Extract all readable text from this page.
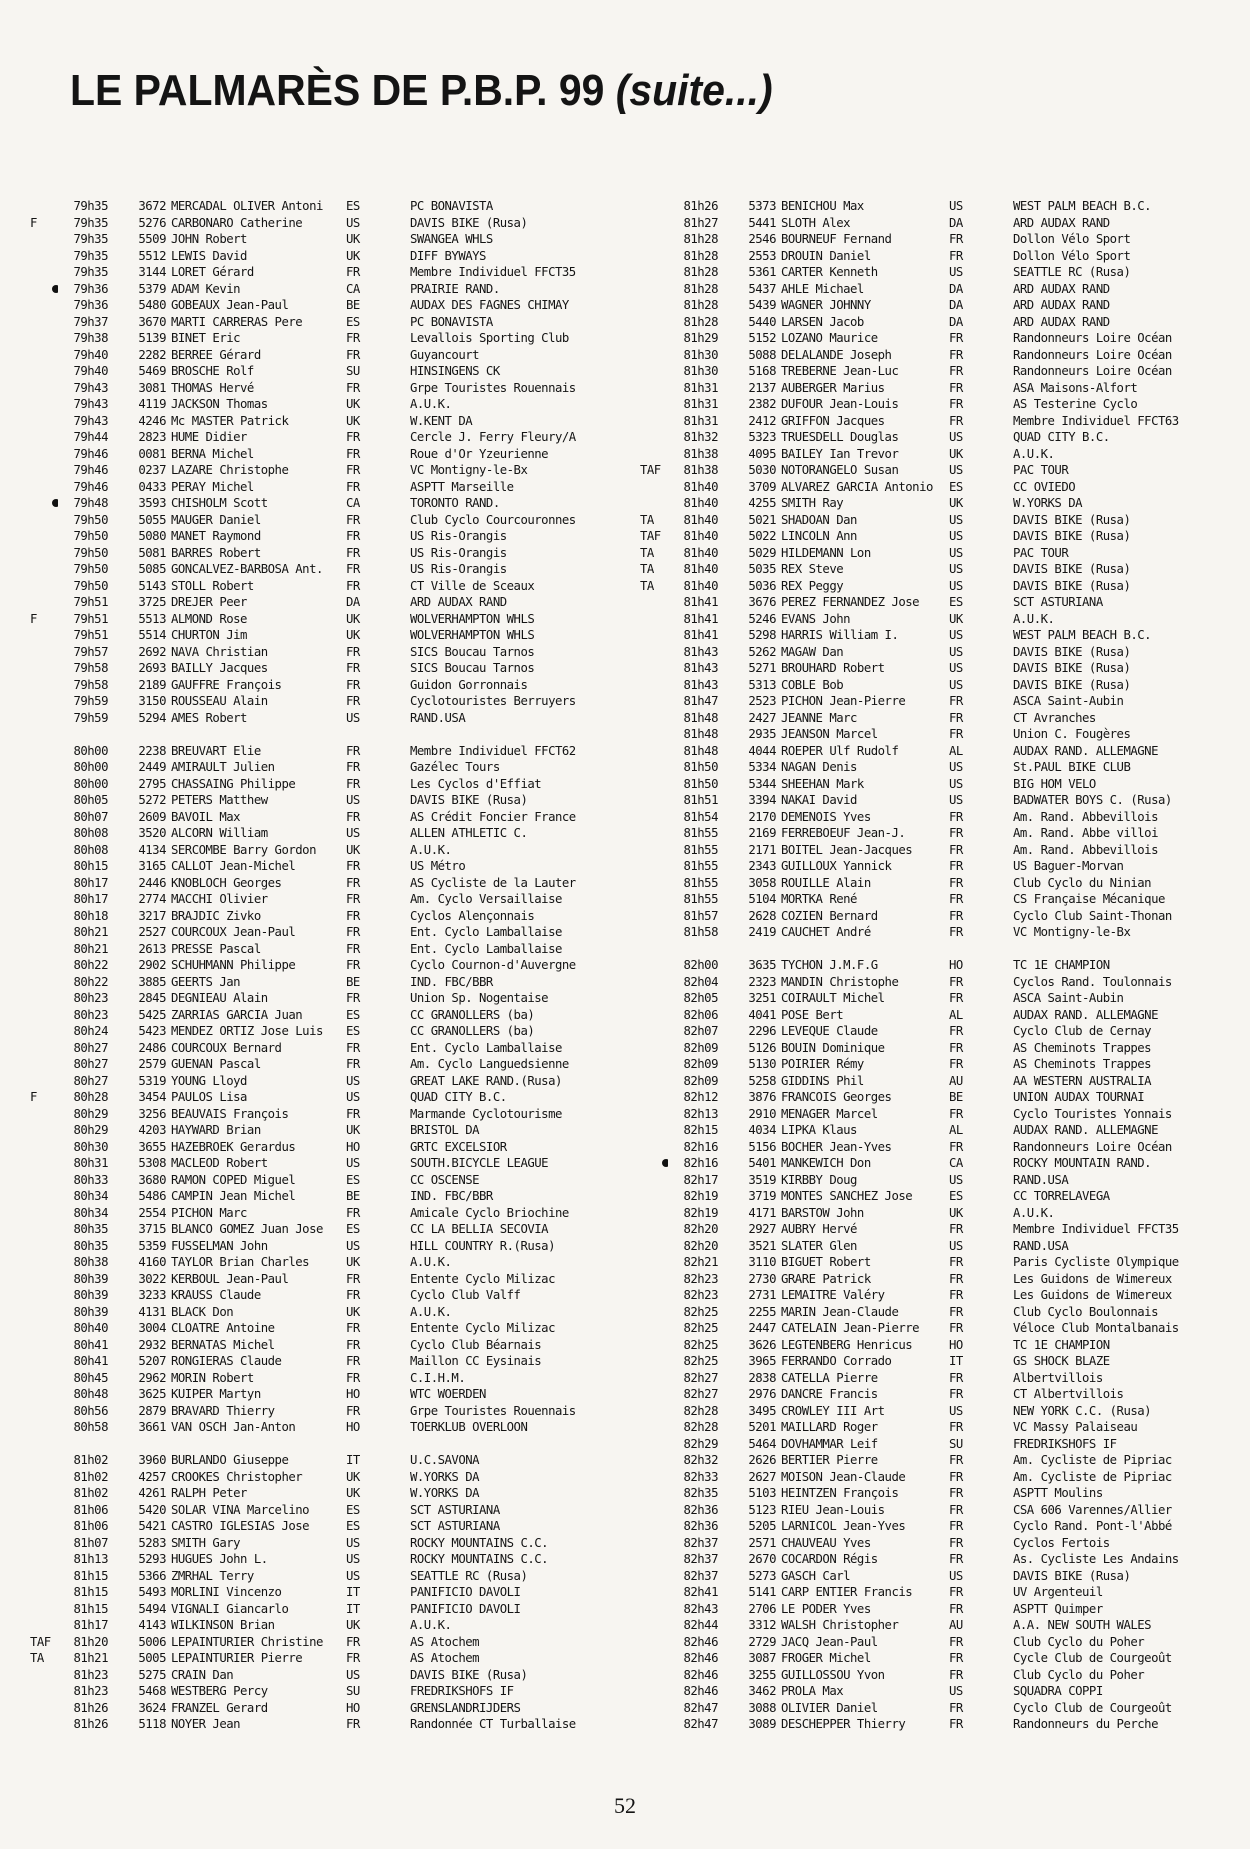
LE PALMARÈS DE P.B.P. 99 (suite...)
79h35	3672 MERCADAL OLIVER Antoni	ES	PC BONAVISTA
F	79h35	5276 CARBONARO Catherine	US	DAVIS BIKE (Rusa)
79h35	5509 JOHN Robert	UK	SWANGEA WHLS
79h35	5512 LEWIS David	UK	DIFF BYWAYS
79h35	3144 LORET Gérard	FR	Membre Individuel FFCT35
79h36	5379 ADAM Kevin	CA	PRAIRIE RAND.
79h36	5480 GOBEAUX Jean-Paul	BE	AUDAX DES FAGNES CHIMAY
79h37	3670 MARTI CARRERAS Pere	ES	PC BONAVISTA
79h38	5139 BINET Eric	FR	Levallois Sporting Club
79h40	2282 BERREE Gérard	FR	Guyancourt
79h40	5469 BROSCHE Rolf	SU	HINSINGENS CK
79h43	3081 THOMAS Hervé	FR	Grpe Touristes Rouennais
79h43	4119 JACKSON Thomas	UK	A.U.K.
79h43	4246 Mc MASTER Patrick	UK	W.KENT DA
79h44	2823 HUME Didier	FR	Cercle J. Ferry Fleury/A
79h46	0081 BERNA Michel	FR	Roue d'Or Yzeurienne
79h46	0237 LAZARE Christophe	FR	VC Montigny-le-Bx
79h46	0433 PERAY Michel	FR	ASPTT Marseille
79h48	3593 CHISHOLM Scott	CA	TORONTO RAND.
79h50	5055 MAUGER Daniel	FR	Club Cyclo Courcouronnes
79h50	5080 MANET Raymond	FR	US Ris-Orangis
79h50	5081 BARRES Robert	FR	US Ris-Orangis
79h50	5085 GONCALVEZ-BARBOSA Ant.	FR	US Ris-Orangis
79h50	5143 STOLL Robert	FR	CT Ville de Sceaux
79h51	3725 DREJER Peer	DA	ARD AUDAX RAND
F	79h51	5513 ALMOND Rose	UK	WOLVERHAMPTON WHLS
79h51	5514 CHURTON Jim	UK	WOLVERHAMPTON WHLS
79h57	2692 NAVA Christian	FR	SICS Boucau Tarnos
79h58	2693 BAILLY Jacques	FR	SICS Boucau Tarnos
79h58	2189 GAUFFRE François	FR	Guidon Gorronnais
79h59	3150 ROUSSEAU Alain	FR	Cyclotouristes Berruyers
79h59	5294 AMES Robert	US	RAND.USA
80h00	2238 BREUVART Elie	FR	Membre Individuel FFCT62
80h00	2449 AMIRAULT Julien	FR	Gazélec Tours
80h00	2795 CHASSAING Philippe	FR	Les Cyclos d'Effiat
80h05	5272 PETERS Matthew	US	DAVIS BIKE (Rusa)
80h07	2609 BAVOIL Max	FR	AS Crédit Foncier France
80h08	3520 ALCORN William	US	ALLEN ATHLETIC C.
80h08	4134 SERCOMBE Barry Gordon	UK	A.U.K.
80h15	3165 CALLOT Jean-Michel	FR	US Métro
80h17	2446 KNOBLOCH Georges	FR	AS Cycliste de la Lauter
80h17	2774 MACCHI Olivier	FR	Am. Cyclo Versaillaise
80h18	3217 BRAJDIC Zivko	FR	Cyclos Alençonnais
80h21	2527 COURCOUX Jean-Paul	FR	Ent. Cyclo Lamballaise
80h21	2613 PRESSE Pascal	FR	Ent. Cyclo Lamballaise
80h22	2902 SCHUHMANN Philippe	FR	Cyclo Cournon-d'Auvergne
80h22	3885 GEERTS Jan	BE	IND. FBC/BBR
80h23	2845 DEGNIEAU Alain	FR	Union Sp. Nogentaise
80h23	5425 ZARRIAS GARCIA Juan	ES	CC GRANOLLERS (ba)
80h24	5423 MENDEZ ORTIZ Jose Luis	ES	CC GRANOLLERS (ba)
80h27	2486 COURCOUX Bernard	FR	Ent. Cyclo Lamballaise
80h27	2579 GUENAN Pascal	FR	Am. Cyclo Languedsienne
80h27	5319 YOUNG Lloyd	US	GREAT LAKE RAND.(Rusa)
F	80h28	3454 PAULOS Lisa	US	QUAD CITY B.C.
80h29	3256 BEAUVAIS François	FR	Marmande Cyclotourisme
80h29	4203 HAYWARD Brian	UK	BRISTOL DA
80h30	3655 HAZEBROEK Gerardus	HO	GRTC EXCELSIOR
80h31	5308 MACLEOD Robert	US	SOUTH.BICYCLE LEAGUE
80h33	3680 RAMON COPED Miguel	ES	CC OSCENSE
80h34	5486 CAMPIN Jean Michel	BE	IND. FBC/BBR
80h34	2554 PICHON Marc	FR	Amicale Cyclo Briochine
80h35	3715 BLANCO GOMEZ Juan Jose	ES	CC LA BELLIA SECOVIA
80h35	5359 FUSSELMAN John	US	HILL COUNTRY R.(Rusa)
80h38	4160 TAYLOR Brian Charles	UK	A.U.K.
80h39	3022 KERBOUL Jean-Paul	FR	Entente Cyclo Milizac
80h39	3233 KRAUSS Claude	FR	Cyclo Club Valff
80h39	4131 BLACK Don	UK	A.U.K.
80h40	3004 CLOATRE Antoine	FR	Entente Cyclo Milizac
80h41	2932 BERNATAS Michel	FR	Cyclo Club Béarnais
80h41	5207 RONGIERAS Claude	FR	Maillon CC Eysinais
80h45	2962 MORIN Robert	FR	C.I.H.M.
80h48	3625 KUIPER Martyn	HO	WTC WOERDEN
80h56	2879 BRAVARD Thierry	FR	Grpe Touristes Rouennais
80h58	3661 VAN OSCH Jan-Anton	HO	TOERKLUB OVERLOON
81h02	3960 BURLANDO Giuseppe	IT	U.C.SAVONA
81h02	4257 CROOKES Christopher	UK	W.YORKS DA
81h02	4261 RALPH Peter	UK	W.YORKS DA
81h06	5420 SOLAR VINA Marcelino	ES	SCT ASTURIANA
81h06	5421 CASTRO IGLESIAS Jose	ES	SCT ASTURIANA
81h07	5283 SMITH Gary	US	ROCKY MOUNTAINS C.C.
81h13	5293 HUGUES John L.	US	ROCKY MOUNTAINS C.C.
81h15	5366 ZMRHAL Terry	US	SEATTLE RC (Rusa)
81h15	5493 MORLINI Vincenzo	IT	PANIFICIO DAVOLI
81h15	5494 VIGNALI Giancarlo	IT	PANIFICIO DAVOLI
81h17	4143 WILKINSON Brian	UK	A.U.K.
TAF	81h20	5006 LEPAINTURIER Christine	FR	AS Atochem
TA	81h21	5005 LEPAINTURIER Pierre	FR	AS Atochem
81h23	5275 CRAIN Dan	US	DAVIS BIKE (Rusa)
81h23	5468 WESTBERG Percy	SU	FREDRIKSHOFS IF
81h26	3624 FRANZEL Gerard	HO	GRENSLANDRIJDERS
81h26	5118 NOYER Jean	FR	Randonnée CT Turballaise
81h26	5373 BENICHOU Max	US	WEST PALM BEACH B.C.
81h27	5441 SLOTH Alex	DA	ARD AUDAX RAND
81h28	2546 BOURNEUF Fernand	FR	Dollon Vélo Sport
81h28	2553 DROUIN Daniel	FR	Dollon Vélo Sport
81h28	5361 CARTER Kenneth	US	SEATTLE RC (Rusa)
81h28	5437 AHLE Michael	DA	ARD AUDAX RAND
81h28	5439 WAGNER JOHNNY	DA	ARD AUDAX RAND
81h28	5440 LARSEN Jacob	DA	ARD AUDAX RAND
81h29	5152 LOZANO Maurice	FR	Randonneurs Loire Océan
81h30	5088 DELALANDE Joseph	FR	Randonneurs Loire Océan
81h30	5168 TREBERNE Jean-Luc	FR	Randonneurs Loire Océan
81h31	2137 AUBERGER Marius	FR	ASA Maisons-Alfort
81h31	2382 DUFOUR Jean-Louis	FR	AS Testerine Cyclo
81h31	2412 GRIFFON Jacques	FR	Membre Individuel FFCT63
81h32	5323 TRUESDELL Douglas	US	QUAD CITY B.C.
81h38	4095 BAILEY Ian Trevor	UK	A.U.K.
TAF	81h38	5030 NOTORANGELO Susan	US	PAC TOUR
81h40	3709 ALVAREZ GARCIA Antonio	ES	CC OVIEDO
81h40	4255 SMITH Ray	UK	W.YORKS DA
TA	81h40	5021 SHADOAN Dan	US	DAVIS BIKE (Rusa)
TAF	81h40	5022 LINCOLN Ann	US	DAVIS BIKE (Rusa)
TA	81h40	5029 HILDEMANN Lon	US	PAC TOUR
TA	81h40	5035 REX Steve	US	DAVIS BIKE (Rusa)
TA	81h40	5036 REX Peggy	US	DAVIS BIKE (Rusa)
81h41	3676 PEREZ FERNANDEZ Jose	ES	SCT ASTURIANA
81h41	5246 EVANS John	UK	A.U.K.
81h41	5298 HARRIS William I.	US	WEST PALM BEACH B.C.
81h43	5262 MAGAW Dan	US	DAVIS BIKE (Rusa)
81h43	5271 BROUHARD Robert	US	DAVIS BIKE (Rusa)
81h43	5313 COBLE Bob	US	DAVIS BIKE (Rusa)
81h47	2523 PICHON Jean-Pierre	FR	ASCA Saint-Aubin
81h48	2427 JEANNE Marc	FR	CT Avranches
81h48	2935 JEANSON Marcel	FR	Union C. Fougères
81h48	4044 ROEPER Ulf Rudolf	AL	AUDAX RAND. ALLEMAGNE
81h50	5334 NAGAN Denis	US	St.PAUL BIKE CLUB
81h50	5344 SHEEHAN Mark	US	BIG HOM VELO
81h51	3394 NAKAI David	US	BADWATER BOYS C. (Rusa)
81h54	2170 DEMENOIS Yves	FR	Am. Rand. Abbevillois
81h55	2169 FERREBOEUF Jean-J.	FR	Am. Rand. Abbe villoi
81h55	2171 BOITEL Jean-Jacques	FR	Am. Rand. Abbevillois
81h55	2343 GUILLOUX Yannick	FR	US Baguer-Morvan
81h55	3058 ROUILLE Alain	FR	Club Cyclo du Ninian
81h55	5104 MORTKA René	FR	CS Française Mécanique
81h57	2628 COZIEN Bernard	FR	Cyclo Club Saint-Thonan
81h58	2419 CAUCHET André	FR	VC Montigny-le-Bx
82h00	3635 TYCHON J.M.F.G	HO	TC 1E CHAMPION
82h04	2323 MANDIN Christophe	FR	Cyclos Rand. Toulonnais
82h05	3251 COIRAULT Michel	FR	ASCA Saint-Aubin
82h06	4041 POSE Bert	AL	AUDAX RAND. ALLEMAGNE
82h07	2296 LEVEQUE Claude	FR	Cyclo Club de Cernay
82h09	5126 BOUIN Dominique	FR	AS Cheminots Trappes
82h09	5130 POIRIER Rémy	FR	AS Cheminots Trappes
82h09	5258 GIDDINS Phil	AU	AA WESTERN AUSTRALIA
82h12	3876 FRANCOIS Georges	BE	UNION AUDAX TOURNAI
82h13	2910 MENAGER Marcel	FR	Cyclo Touristes Yonnais
82h15	4034 LIPKA Klaus	AL	AUDAX RAND. ALLEMAGNE
82h16	5156 BOCHER Jean-Yves	FR	Randonneurs Loire Océan
82h16	5401 MANKEWICH Don	CA	ROCKY MOUNTAIN RAND.
82h17	3519 KIRBBY Doug	US	RAND.USA
82h19	3719 MONTES SANCHEZ Jose	ES	CC TORRELAVEGA
82h19	4171 BARSTOW John	UK	A.U.K.
82h20	2927 AUBRY Hervé	FR	Membre Individuel FFCT35
82h20	3521 SLATER Glen	US	RAND.USA
82h21	3110 BIGUET Robert	FR	Paris Cycliste Olympique
82h23	2730 GRARE Patrick	FR	Les Guidons de Wimereux
82h23	2731 LEMAITRE Valéry	FR	Les Guidons de Wimereux
82h25	2255 MARIN Jean-Claude	FR	Club Cyclo Boulonnais
82h25	2447 CATELAIN Jean-Pierre	FR	Véloce Club Montalbanais
82h25	3626 LEGTENBERG Henricus	HO	TC 1E CHAMPION
82h25	3965 FERRANDO Corrado	IT	GS SHOCK BLAZE
82h27	2838 CATELLA Pierre	FR	Albertvillois
82h27	2976 DANCRE Francis	FR	CT Albertvillois
82h28	3495 CROWLEY III Art	US	NEW YORK C.C. (Rusa)
82h28	5201 MAILLARD Roger	FR	VC Massy Palaiseau
82h29	5464 DOVHAMMAR Leif	SU	FREDRIKSHOFS IF
82h32	2626 BERTIER Pierre	FR	Am. Cycliste de Pipriac
82h33	2627 MOISON Jean-Claude	FR	Am. Cycliste de Pipriac
82h35	5103 HEINTZEN François	FR	ASPTT Moulins
82h36	5123 RIEU Jean-Louis	FR	CSA 606 Varennes/Allier
82h36	5205 LARNICOL Jean-Yves	FR	Cyclo Rand. Pont-l'Abbé
82h37	2571 CHAUVEAU Yves	FR	Cyclos Fertois
82h37	2670 COCARDON Régis	FR	As. Cycliste Les Andains
82h37	5273 GASCH Carl	US	DAVIS BIKE (Rusa)
82h41	5141 CARP ENTIER Francis	FR	UV Argenteuil
82h43	2706 LE PODER Yves	FR	ASPTT Quimper
82h44	3312 WALSH Christopher	AU	A.A. NEW SOUTH WALES
82h46	2729 JACQ Jean-Paul	FR	Club Cyclo du Poher
82h46	3087 FROGER Michel	FR	Cycle Club de Courgeoût
82h46	3255 GUILLOSSOU Yvon	FR	Club Cyclo du Poher
82h46	3462 PROLA Max	US	SQUADRA COPPI
82h47	3088 OLIVIER Daniel	FR	Cyclo Club de Courgeoût
82h47	3089 DESCHEPPER Thierry	FR	Randonneurs du Perche
52
